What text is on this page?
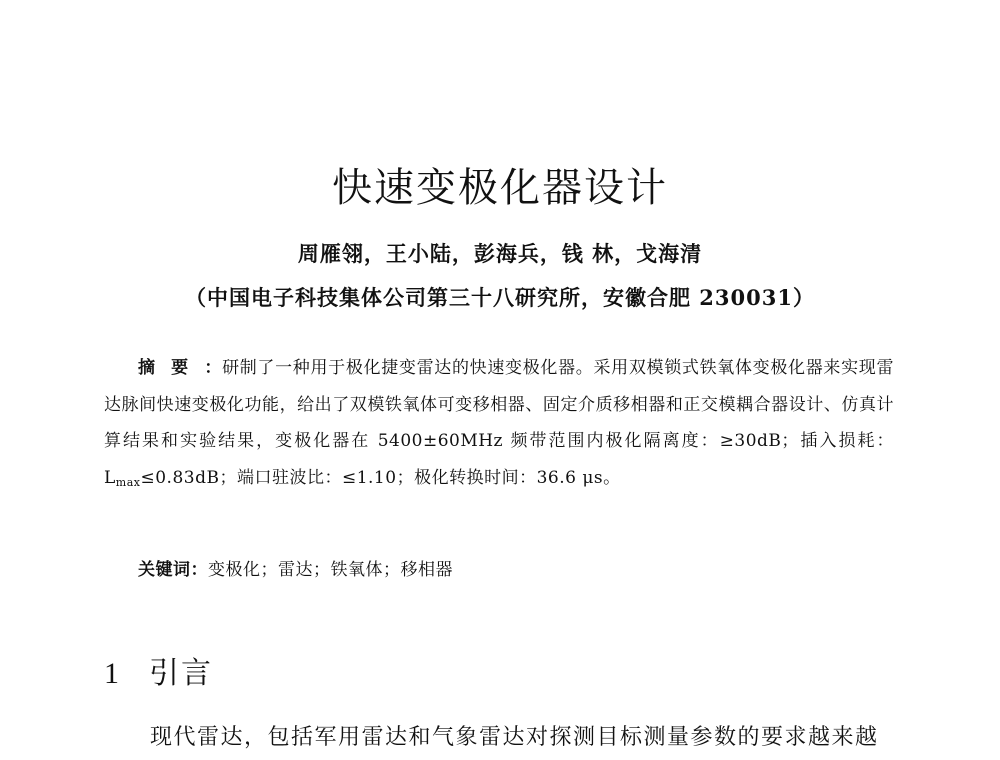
快速变极化器设计
周雁翎，王小陆，彭海兵，钱 林，戈海清
（中国电子科技集体公司第三十八研究所，安徽合肥 230031）
摘要：研制了一种用于极化捷变雷达的快速变极化器。采用双模锁式铁氧体变极化器来实现雷达脉间快速变极化功能，给出了双模铁氧体可变移相器、固定介质移相器和正交模耦合器设计、仿真计算结果和实验结果，变极化器在 5400±60MHz 频带范围内极化隔离度：≥30dB；插入损耗：$L_{max}\le 0.83dB$；端口驻波比：≤1.10；极化转换时间：36.6 μs。
关键词：变极化；雷达；铁氧体；移相器
1 引言
现代雷达，包括军用雷达和气象雷达对探测目标测量参数的要求越来越
